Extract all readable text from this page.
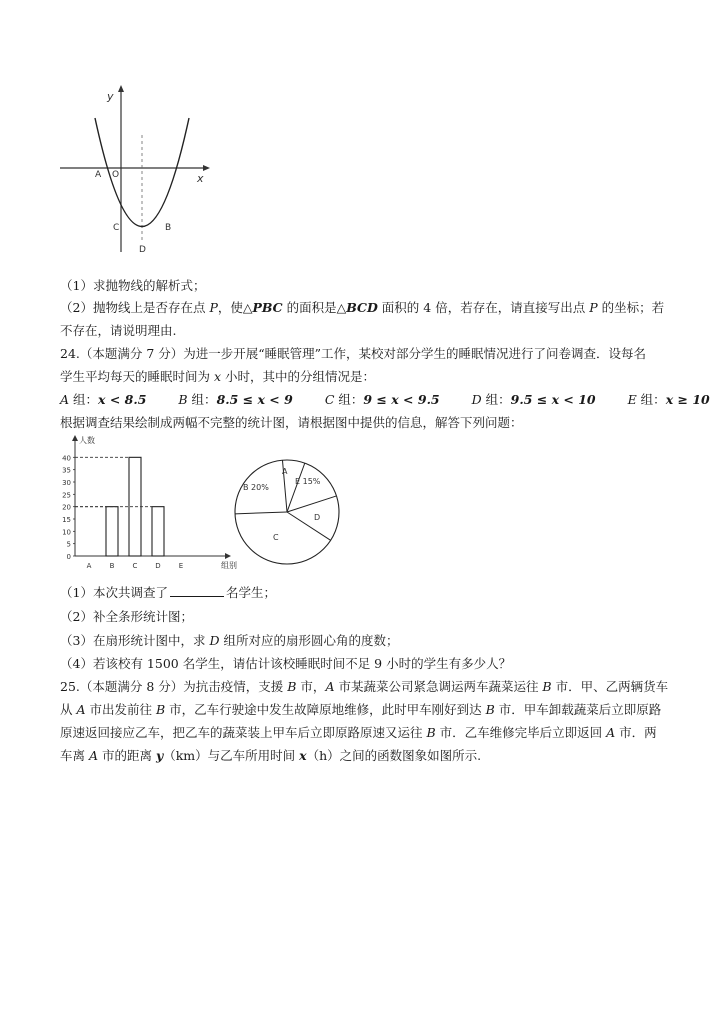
y
x
O
A
C	B
D
（1）求抛物线的解析式；
（2）抛物线上是否存在点 P，使△PBC 的面积是△BCD 面积的 4 倍，若存在，请直接写出点 P 的坐标；若
不存在，请说明理由.
24.（本题满分 7 分）为进一步开展“睡眠管理”工作，某校对部分学生的睡眠情况进行了问卷调查．设每名
学生平均每天的睡眠时间为 x 小时，其中的分组情况是：
A 组：x < 8.5	B 组：8.5 ≤ x < 9	C 组：9 ≤ x < 9.5	D 组：9.5 ≤ x < 10	E 组：x ≥ 10
根据调查结果绘制成两幅不完整的统计图，请根据图中提供的信息，解答下列问题：
人数
组别
0
5
10
15
20
25
30
35
40
A	B	C	D	E
A
E 15%
D
C
B 20%
（1）本次共调查了	名学生；
（2）补全条形统计图；
（3）在扇形统计图中，求 D 组所对应的扇形圆心角的度数；
（4）若该校有 1500 名学生，请估计该校睡眠时间不足 9 小时的学生有多少人？
25.（本题满分 8 分）为抗击疫情，支援 B 市，A 市某蔬菜公司紧急调运两车蔬菜运往 B 市．甲、乙两辆货车
从 A 市出发前往 B 市，乙车行驶途中发生故障原地维修，此时甲车刚好到达 B 市．甲车卸载蔬菜后立即原路
原速返回接应乙车，把乙车的蔬菜装上甲车后立即原路原速又运往 B 市．乙车维修完毕后立即返回 A 市．两
车离 A 市的距离 y（km）与乙车所用时间 x（h）之间的函数图象如图所示.
